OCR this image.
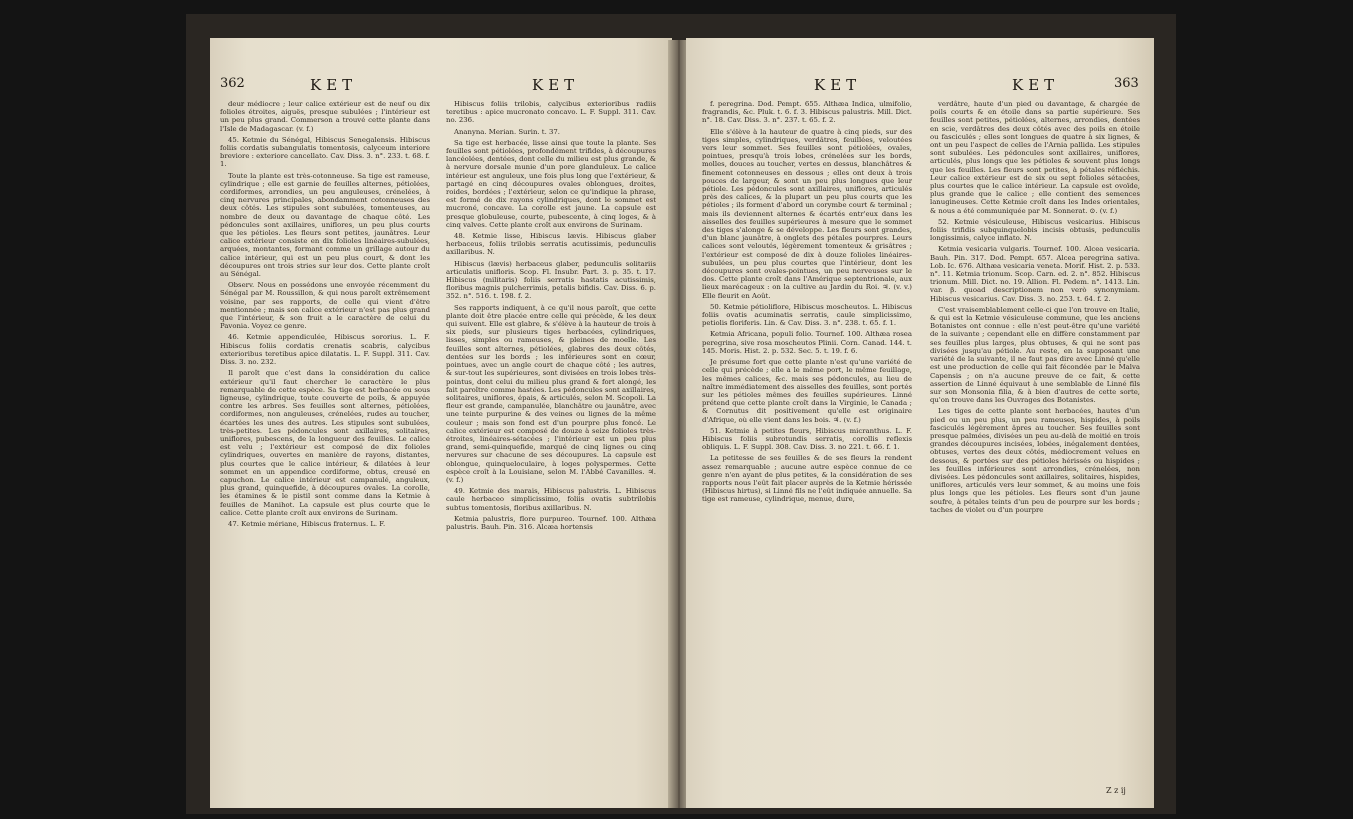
362	KET	KET

deur médiocre ; leur calice extérieur est de neuf ou dix folioles étroites, aiguës, presque subulées ; l'intérieur est un peu plus grand. Commerson a trouvé cette plante dans l'Isle de Madagascar. (v. f.)

45. Ketmie du Sénégal, Hibiscus Senegalensis. Hibiscus foliis cordatis subangulatis tomentosis, calyceum interiore breviore : exteriore cancellato. Cav. Diss. 3. n°. 233. t. 68. f. 1.

Toute la plante est très-cotonneuse. Sa tige est rameuse, cylindrique ; elle est garnie de feuilles alternes, pétiolées, cordiformes, arrondies, un peu anguleuses, crénelées, à cinq nervures principales, abondamment cotonneuses des deux côtés. Les stipules sont subulées, tomenteuses, au nombre de deux ou davantage de chaque côté. Les pédoncules sont axillaires, uniflores, un peu plus courts que les pétioles. Les fleurs sont petites, jaunâtres. Leur calice extérieur consiste en dix folioles linéaires-subulées, arquées, montantes, formant comme un grillage autour du calice intérieur, qui est un peu plus court, & dont les découpures ont trois stries sur leur dos. Cette plante croît au Sénégal.

Observ. Nous en possédons une envoyée récemment du Sénégal par M. Roussillon, & qui nous paroît extrêmement voisine, par ses rapports, de celle qui vient d'être mentionnée ; mais son calice extérieur n'est pas plus grand que l'intérieur, & son fruit a le caractère de celui du Pavonia. Voyez ce genre.

46. Ketmie appendiculée, Hibiscus sororius. L. F. Hibiscus foliis cordatis crenatis scabris, calycibus exterioribus teretibus apice dilatatis. L. F. Suppl. 311. Cav. Diss. 3. no. 232.

Il paroît que c'est dans la considération du calice extérieur qu'il faut chercher le caractère le plus remarquable de cette espèce. Sa tige est herbacée ou sous ligneuse, cylindrique, toute couverte de poils, & appuyée contre les arbres. Ses feuilles sont alternes, pétiolées, cordiformes, non anguleuses, crénelées, rudes au toucher, écartées les unes des autres. Les stipules sont subulées, très-petites. Les pédoncules sont axillaires, solitaires, uniflores, pubescens, de la longueur des feuilles. Le calice est velu ; l'extérieur est composé de dix folioles cylindriques, ouvertes en manière de rayons, distantes, plus courtes que le calice intérieur, & dilatées à leur sommet en un appendice cordiforme, obtus, creusé en capuchon. Le calice intérieur est campanulé, anguleux, plus grand, quinquefide, à découpures ovales. La corolle, les étamines & le pistil sont comme dans la Ketmie à feuilles de Manihot. La capsule est plus courte que le calice. Cette plante croît aux environs de Surinam.

47. Ketmie mériane, Hibiscus fraternus. L. F.

Hibiscus foliis trilobis, calycibus exterioribus radiis teretibus : apice mucronato concavo. L. F. Suppl. 311. Cav. no. 236.

Ananyna. Merian. Surin. t. 37.

Sa tige est herbacée, lisse ainsi que toute la plante. Ses feuilles sont pétiolées, profondément trifides, à découpures lancéolées, dentées, dont celle du milieu est plus grande, & à nervure dorsale munie d'un pore glanduleux. Le calice intérieur est anguleux, une fois plus long que l'extérieur, & partagé en cinq découpures ovales oblongues, droites, roides, bordées ; l'extérieur, selon ce qu'indique la phrase, est formé de dix rayons cylindriques, dont le sommet est mucroné, concave. La corolle est jaune. La capsule est presque globuleuse, courte, pubescente, à cinq loges, & à cinq valves. Cette plante croît aux environs de Surinam.

48. Ketmie lisse, Hibiscus lævis. Hibiscus glaber herbaceus, foliis trilobis serratis acutissimis, pedunculis axillaribus. N.

Hibiscus (lævis) herbaceus glaber, pedunculis solitariis articulatis unifloris. Scop. Fl. Insubr. Part. 3. p. 35. t. 17. Hibiscus (militaris) foliis serratis hastatis acutissimis, floribus magnis pulcherrimis, petalis bifidis. Cav. Diss. 6. p. 352. n°. 516. t. 198. f. 2.

Ses rapports indiquent, à ce qu'il nous paroît, que cette plante doit être placée entre celle qui précède, & les deux qui suivent. Elle est glabre, & s'élève à la hauteur de trois à six pieds, sur plusieurs tiges herbacées, cylindriques, lisses, simples ou rameuses, & pleines de moelle. Les feuilles sont alternes, pétiolées, glabres des deux côtés, dentées sur les bords ; les inférieures sont en cœur, pointues, avec un angle court de chaque côté ; les autres, & sur-tout les supérieures, sont divisées en trois lobes très-pointus, dont celui du milieu plus grand & fort alongé, les fait paroître comme hastées. Les pédoncules sont axillaires, solitaires, uniflores, épais, & articulés, selon M. Scopoli. La fleur est grande, campanulée, blanchâtre ou jaunâtre, avec une teinte purpurine & des veines ou lignes de la même couleur ; mais son fond est d'un pourpre plus foncé. Le calice extérieur est composé de douze à seize folioles très-étroites, linéaires-sétacées ; l'intérieur est un peu plus grand, semi-quinquefide, marqué de cinq lignes ou cinq nervures sur chacune de ses découpures. La capsule est oblongue, quinqueloculaire, à loges polyspermes. Cette espèce croît à la Louisiane, selon M. l'Abbé Cavanilles. ♃. (v. f.)

49. Ketmie des marais, Hibiscus palustris. L. Hibiscus caule herbaceo simplicissimo, foliis ovatis subtrilobis subtus tomentosis, floribus axillaribus. N.

Ketmia palustris, flore purpureo. Tournef. 100. Althæa palustris. Bauh. Pin. 316. Alcæa hortensis

KET	KET	363

f. peregrina. Dod. Pempt. 655. Althæa Indica, ulmifolio, fragrandis, &c. Pluk. t. 6. f. 3. Hibiscus palustris. Mill. Dict. n°. 18. Cav. Diss. 3. n°. 237. t. 65. f. 2.

Elle s'élève à la hauteur de quatre à cinq pieds, sur des tiges simples, cylindriques, verdâtres, feuillées, veloutées vers leur sommet. Ses feuilles sont pétiolées, ovales, pointues, presqu'à trois lobes, crénelées sur les bords, molles, douces au toucher, vertes en dessus, blanchâtres & finement cotonneuses en dessous ; elles ont deux à trois pouces de largeur, & sont un peu plus longues que leur pétiole. Les pédoncules sont axillaires, uniflores, articulés près des calices, & la plupart un peu plus courts que les pétioles ; ils forment d'abord un corymbe court & terminal ; mais ils deviennent alternes & écartés entr'eux dans les aisselles des feuilles supérieures à mesure que le sommet des tiges s'alonge & se développe. Les fleurs sont grandes, d'un blanc jaunâtre, à onglets des pétales pourpres. Leurs calices sont veloutés, légèrement tomenteux & grisâtres ; l'extérieur est composé de dix à douze folioles linéaires-subulées, un peu plus courtes que l'intérieur, dont les découpures sont ovales-pointues, un peu nerveuses sur le dos. Cette plante croît dans l'Amérique septentrionale, aux lieux marécageux : on la cultive au Jardin du Roi. ♃. (v. v.) Elle fleurit en Août.

50. Ketmie pétioliflore, Hibiscus moscheutos. L. Hibiscus foliis ovatis acuminatis serratis, caule simplicissimo, petiolis floriferis. Lin. & Cav. Diss. 3. n°. 238. t. 65. f. 1.

Ketmia Africana, populi folio. Tournef. 100. Althæa rosea peregrina, sive rosa moscheutos Plinii. Corn. Canad. 144. t. 145. Moris. Hist. 2. p. 532. Sec. 5. t. 19. f. 6.

Je présume fort que cette plante n'est qu'une variété de celle qui précède ; elle a le même port, le même feuillage, les mêmes calices, &c. mais ses pédoncules, au lieu de naître immédiatement des aisselles des feuilles, sont portés sur les pétioles mêmes des feuilles supérieures. Linné prétend que cette plante croît dans la Virginie, le Canada ; & Cornutus dit positivement qu'elle est originaire d'Afrique, où elle vient dans les bois. ♃. (v. f.)

51. Ketmie à petites fleurs, Hibiscus micranthus. L. F. Hibiscus foliis subrotundis serratis, corollis reflexis obliquis. L. F. Suppl. 308. Cav. Diss. 3. no 221. t. 66. f. 1.

La petitesse de ses feuilles & de ses fleurs la rendent assez remarquable ; aucune autre espèce connue de ce genre n'en ayant de plus petites, & la considération de ses rapports nous l'eût fait placer auprès de la Ketmie hérissée (Hibiscus hirtus), si Linné fils ne l'eût indiquée annuelle. Sa tige est rameuse, cylindrique, menue, dure,

verdâtre, haute d'un pied ou davantage, & chargée de poils courts & en étoile dans sa partie supérieure. Ses feuilles sont petites, pétiolées, alternes, arrondies, dentées en scie, verdâtres des deux côtés avec des poils en étoile ou fasciculés ; elles sont longues de quatre à six lignes, & ont un peu l'aspect de celles de l'Arnia pallida. Les stipules sont subulées. Les pédoncules sont axillaires, uniflores, articulés, plus longs que les pétioles & souvent plus longs que les feuilles. Les fleurs sont petites, à pétales réfléchis. Leur calice extérieur est de six ou sept folioles sétacées, plus courtes que le calice intérieur. La capsule est ovoïde, plus grande que le calice ; elle contient des semences lanugineuses. Cette Ketmie croît dans les Indes orientales, & nous a été communiquée par M. Sonnerat. ⊙. (v. f.)

52. Ketmie vésiculeuse, Hibiscus vesicarius. Hibiscus foliis trifidis subquinquelobis incisis obtusis, pedunculis longissimis, calyce inflato. N.

Ketmia vesicaria vulgaris. Tournef. 100. Alcea vesicaria. Bauh. Pin. 317. Dod. Pempt. 657. Alcea peregrina sativa. Lob. Ic. 676. Althæa vesicaria veneta. Morif. Hist. 2. p. 533. n°. 11. Ketmia trionum. Scop. Carn. ed. 2. n°. 852. Hibiscus trionum. Mill. Dict. no. 19. Allion. Fl. Pedem. n°. 1413. Lin. var. β. quoad descriptionem non verò synonymiam. Hibiscus vesicarius. Cav. Diss. 3. no. 253. t. 64. f. 2.

C'est vraisemblablement celle-ci que l'on trouve en Italie, & qui est la Ketmie vésiculeuse commune, que les anciens Botanistes ont connue : elle n'est peut-être qu'une variété de la suivante ; cependant elle en diffère constamment par ses feuilles plus larges, plus obtuses, & qui ne sont pas divisées jusqu'au pétiole. Au reste, en la supposant une variété de la suivante, il ne faut pas dire avec Linné qu'elle est une production de celle qui fait fécondée par le Malva Capensis ; on n'a aucune preuve de ce fait, & cette assertion de Linné équivaut à une semblable de Linné fils sur son Monsonia filia, & à bien d'autres de cette sorte, qu'on trouve dans les Ouvrages des Botanistes.

Les tiges de cette plante sont herbacées, hautes d'un pied ou un peu plus, un peu rameuses, hispides, à poils fasciculés légèrement âpres au toucher. Ses feuilles sont presque palmées, divisées un peu au-delà de moitié en trois grandes découpures incisées, lobées, inégalement dentées, obtuses, vertes des deux côtés, médiocrement velues en dessous, & portées sur des pétioles hérissés ou hispides ; les feuilles inférieures sont arrondies, crénelées, non divisées. Les pédoncules sont axillaires, solitaires, hispides, uniflores, articulés vers leur sommet, & au moins une fois plus longs que les pétioles. Les fleurs sont d'un jaune soufre, à pétales teints d'un peu de pourpre sur les bords ; taches de violet ou d'un pourpre

Z z ij
